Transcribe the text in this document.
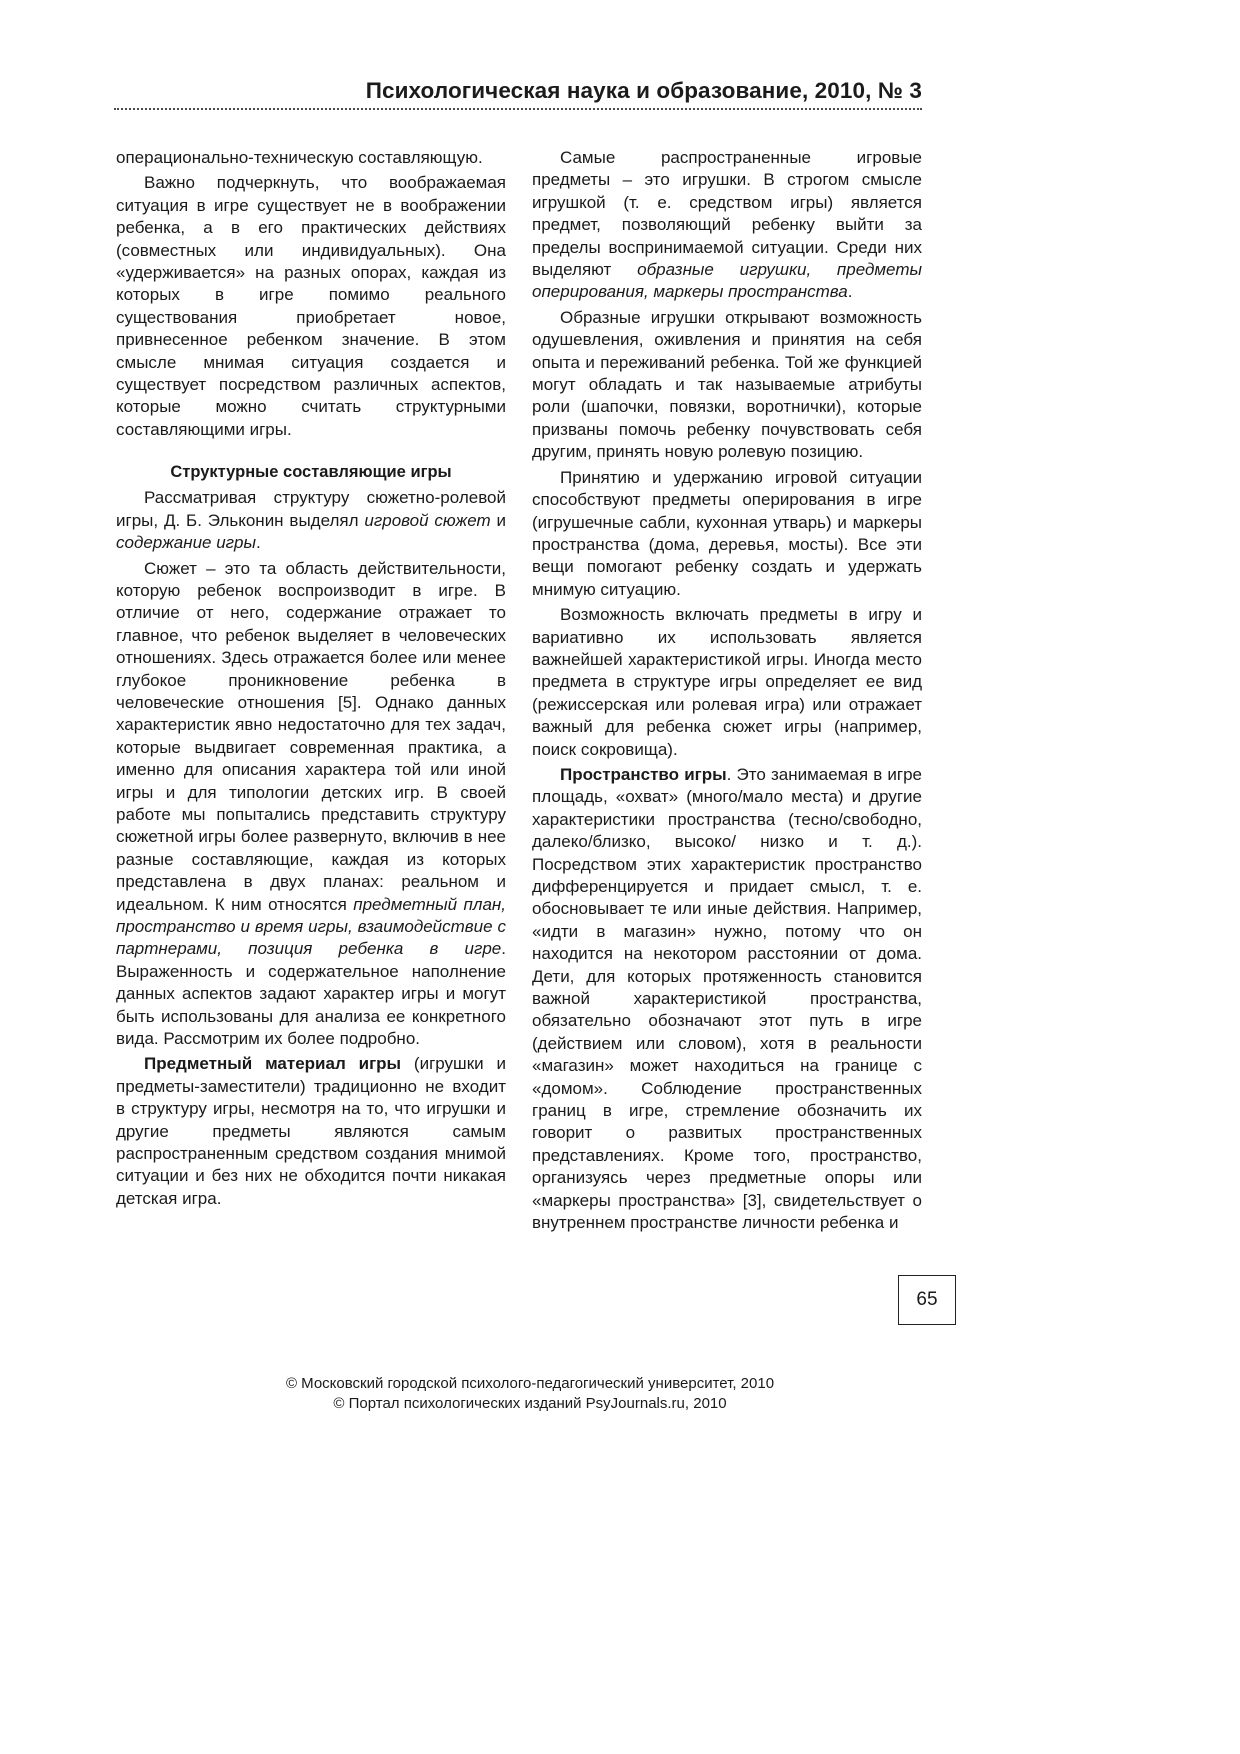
Психологическая наука и образование, 2010, № 3

операционально-техническую составляющую.

Важно подчеркнуть, что воображаемая ситуация в игре существует не в воображении ребенка, а в его практических действиях (совместных или индивидуальных). Она «удерживается» на разных опорах, каждая из которых в игре помимо реального существования приобретает новое, привнесенное ребенком значение. В этом смысле мнимая ситуация создается и существует посредством различных аспектов, которые можно считать структурными составляющими игры.

Структурные составляющие игры

Рассматривая структуру сюжетно-ролевой игры, Д. Б. Эльконин выделял игровой сюжет и содержание игры.

Сюжет – это та область действительности, которую ребенок воспроизводит в игре. В отличие от него, содержание отражает то главное, что ребенок выделяет в человеческих отношениях. Здесь отражается более или менее глубокое проникновение ребенка в человеческие отношения [5]. Однако данных характеристик явно недостаточно для тех задач, которые выдвигает современная практика, а именно для описания характера той или иной игры и для типологии детских игр. В своей работе мы попытались представить структуру сюжетной игры более развернуто, включив в нее разные составляющие, каждая из которых представлена в двух планах: реальном и идеальном. К ним относятся предметный план, пространство и время игры, взаимодействие с партнерами, позиция ребенка в игре. Выраженность и содержательное наполнение данных аспектов задают характер игры и могут быть использованы для анализа ее конкретного вида. Рассмотрим их более подробно.

Предметный материал игры (игрушки и предметы-заместители) традиционно не входит в структуру игры, несмотря на то, что игрушки и другие предметы являются самым распространенным средством создания мнимой ситуации и без них не обходится почти никакая детская игра.

Самые распространенные игровые предметы – это игрушки. В строгом смысле игрушкой (т. е. средством игры) является предмет, позволяющий ребенку выйти за пределы воспринимаемой ситуации. Среди них выделяют образные игрушки, предметы оперирования, маркеры пространства.

Образные игрушки открывают возможность одушевления, оживления и принятия на себя опыта и переживаний ребенка. Той же функцией могут обладать и так называемые атрибуты роли (шапочки, повязки, воротнички), которые призваны помочь ребенку почувствовать себя другим, принять новую ролевую позицию.

Принятию и удержанию игровой ситуации способствуют предметы оперирования в игре (игрушечные сабли, кухонная утварь) и маркеры пространства (дома, деревья, мосты). Все эти вещи помогают ребенку создать и удержать мнимую ситуацию.

Возможность включать предметы в игру и вариативно их использовать является важнейшей характеристикой игры. Иногда место предмета в структуре игры определяет ее вид (режиссерская или ролевая игра) или отражает важный для ребенка сюжет игры (например, поиск сокровища).

Пространство игры. Это занимаемая в игре площадь, «охват» (много/мало места) и другие характеристики пространства (тесно/свободно, далеко/близко, высоко/ низко и т. д.). Посредством этих характеристик пространство дифференцируется и придает смысл, т. е. обосновывает те или иные действия. Например, «идти в магазин» нужно, потому что он находится на некотором расстоянии от дома. Дети, для которых протяженность становится важной характеристикой пространства, обязательно обозначают этот путь в игре (действием или словом), хотя в реальности «магазин» может находиться на границе с «домом». Соблюдение пространственных границ в игре, стремление обозначить их говорит о развитых пространственных представлениях. Кроме того, пространство, организуясь через предметные опоры или «маркеры пространства» [3], свидетельствует о внутреннем пространстве личности ребенка и

65
© Московский городской психолого-педагогический университет, 2010
© Портал психологических изданий PsyJournals.ru, 2010
